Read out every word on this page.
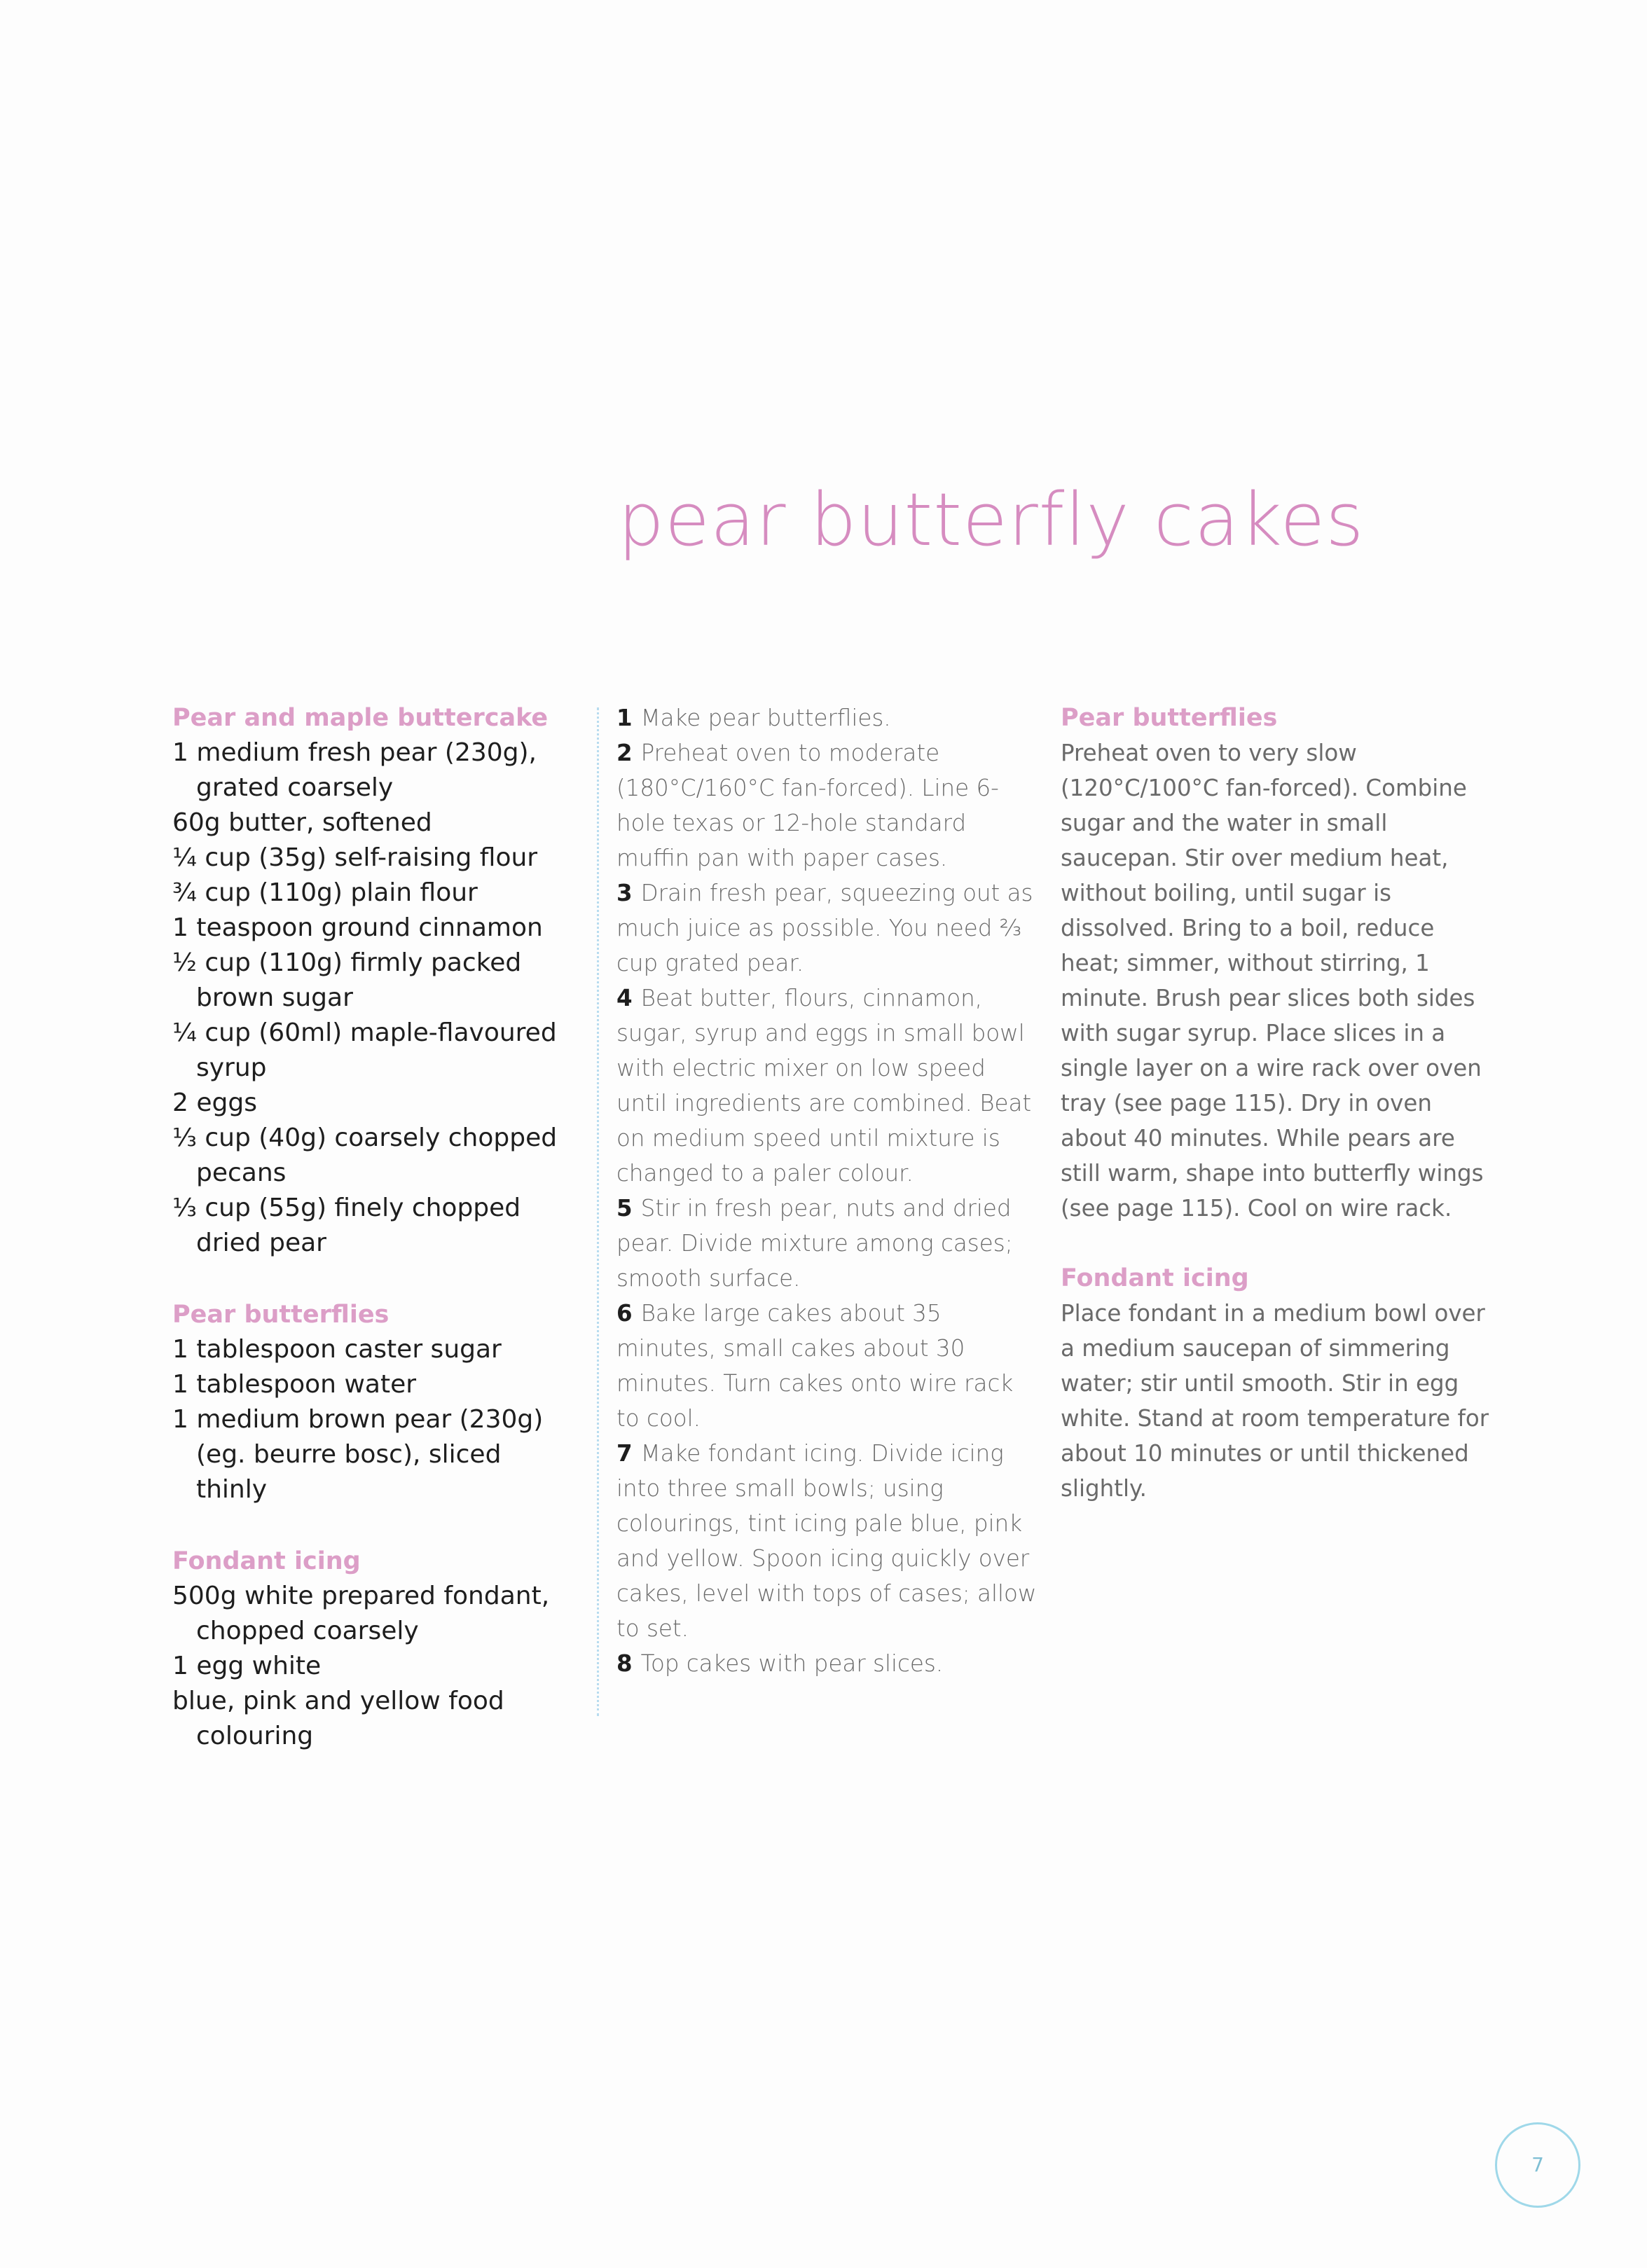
pear butterfly cakes
Pear and maple buttercake
1 medium fresh pear (230g), grated coarsely
60g butter, softened
¼ cup (35g) self-raising flour
¾ cup (110g) plain flour
1 teaspoon ground cinnamon
½ cup (110g) firmly packed brown sugar
¼ cup (60ml) maple-flavoured syrup
2 eggs
⅓ cup (40g) coarsely chopped pecans
⅓ cup (55g) finely chopped dried pear
Pear butterflies
1 tablespoon caster sugar
1 tablespoon water
1 medium brown pear (230g) (eg. beurre bosc), sliced thinly
Fondant icing
500g white prepared fondant, chopped coarsely
1 egg white
blue, pink and yellow food colouring
1 Make pear butterflies.
2 Preheat oven to moderate (180°C/160°C fan-forced). Line 6-hole texas or 12-hole standard muffin pan with paper cases.
3 Drain fresh pear, squeezing out as much juice as possible. You need ⅔ cup grated pear.
4 Beat butter, flours, cinnamon, sugar, syrup and eggs in small bowl with electric mixer on low speed until ingredients are combined. Beat on medium speed until mixture is changed to a paler colour.
5 Stir in fresh pear, nuts and dried pear. Divide mixture among cases; smooth surface.
6 Bake large cakes about 35 minutes, small cakes about 30 minutes. Turn cakes onto wire rack to cool.
7 Make fondant icing. Divide icing into three small bowls; using colourings, tint icing pale blue, pink and yellow. Spoon icing quickly over cakes, level with tops of cases; allow to set.
8 Top cakes with pear slices.
Pear butterflies

Preheat oven to very slow (120°C/100°C fan-forced). Combine sugar and the water in small saucepan. Stir over medium heat, without boiling, until sugar is dissolved. Bring to a boil, reduce heat; simmer, without stirring, 1 minute. Brush pear slices both sides with sugar syrup. Place slices in a single layer on a wire rack over oven tray (see page 115). Dry in oven about 40 minutes. While pears are still warm, shape into butterfly wings (see page 115). Cool on wire rack.

Fondant icing

Place fondant in a medium bowl over a medium saucepan of simmering water; stir until smooth. Stir in egg white. Stand at room temperature for about 10 minutes or until thickened slightly.

7
